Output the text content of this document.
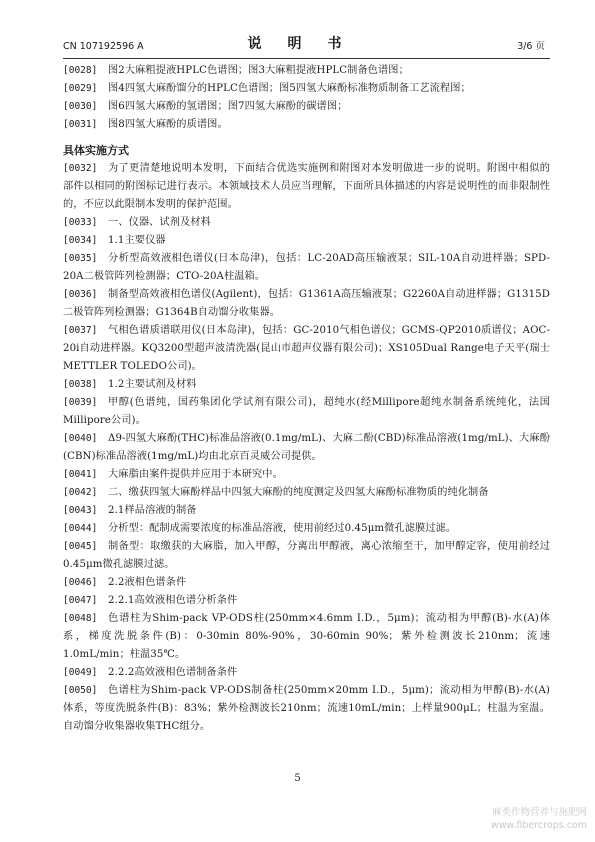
CN 107192596 A	说　明　书	3/6 页
[0028]	图2大麻粗提液HPLC色谱图；图3大麻粗提液HPLC制备色谱图；
[0029]	图4四氢大麻酚馏分的HPLC色谱图；图5四氢大麻酚标准物质制备工艺流程图；
[0030]	图6四氢大麻酚的氢谱图；图7四氢大麻酚的碳谱图；
[0031]	图8四氢大麻酚的质谱图。
具体实施方式
[0032]	为了更清楚地说明本发明，下面结合优选实施例和附图对本发明做进一步的说明。附图中相似的部件以相同的附图标记进行表示。本领域技术人员应当理解，下面所具体描述的内容是说明性的而非限制性的，不应以此限制本发明的保护范围。
[0033]	一、仪器、试剂及材料
[0034]	1.1主要仪器
[0035]	分析型高效液相色谱仪(日本岛津)，包括：LC-20AD高压输液泵；SIL-10A自动进样器；SPD-20A二极管阵列检测器；CTO-20A柱温箱。
[0036]	制备型高效液相色谱仪(Agilent)，包括：G1361A高压输液泵；G2260A自动进样器；G1315D二极管阵列检测器；G1364B自动馏分收集器。
[0037]	气相色谱质谱联用仪(日本岛津)，包括：GC-2010气相色谱仪；GCMS-QP2010质谱仪；AOC-20i自动进样器。KQ3200型超声波清洗器(昆山市超声仪器有限公司)；XS105Dual Range电子天平(瑞士METTLER TOLEDO公司)。
[0038]	1.2主要试剂及材料
[0039]	甲醇(色谱纯，国药集团化学试剂有限公司)，超纯水(经Millipore超纯水制备系统纯化，法国Millipore公司)。
[0040]	Δ9-四氢大麻酚(THC)标准品溶液(0.1mg/mL)、大麻二酚(CBD)标准品溶液(1mg/mL)、大麻酚(CBN)标准品溶液(1mg/mL)均由北京百灵威公司提供。
[0041]	大麻脂由案件提供并应用于本研究中。
[0042]	二、缴获四氢大麻酚样品中四氢大麻酚的纯度测定及四氢大麻酚标准物质的纯化制备
[0043]	2.1样品溶液的制备
[0044]	分析型：配制成需要浓度的标准品溶液，使用前经过0.45μm微孔滤膜过滤。
[0045]	制备型：取缴获的大麻脂，加入甲醇，分离出甲醇液，离心浓缩至干，加甲醇定容，使用前经过0.45μm微孔滤膜过滤。
[0046]	2.2液相色谱条件
[0047]	2.2.1高效液相色谱分析条件
[0048]	色谱柱为Shim-pack VP-ODS柱(250mm×4.6mm I.D.，5μm)；流动相为甲醇(B)-水(A)体系，梯度洗脱条件(B)：0-30min 80%-90%，30-60min 90%；紫外检测波长210nm；流速1.0mL/min；柱温35℃。
[0049]	2.2.2高效液相色谱制备条件
[0050]	色谱柱为Shim-pack VP-ODS制备柱(250mm×20mm I.D.，5μm)；流动相为甲醇(B)-水(A)体系，等度洗脱条件(B)：83%；紫外检测波长210nm；流速10mL/min；上样量900μL；柱温为室温。自动馏分收集器收集THC组分。
5
麻类作物营养与施肥网
www.fibercrops.com
